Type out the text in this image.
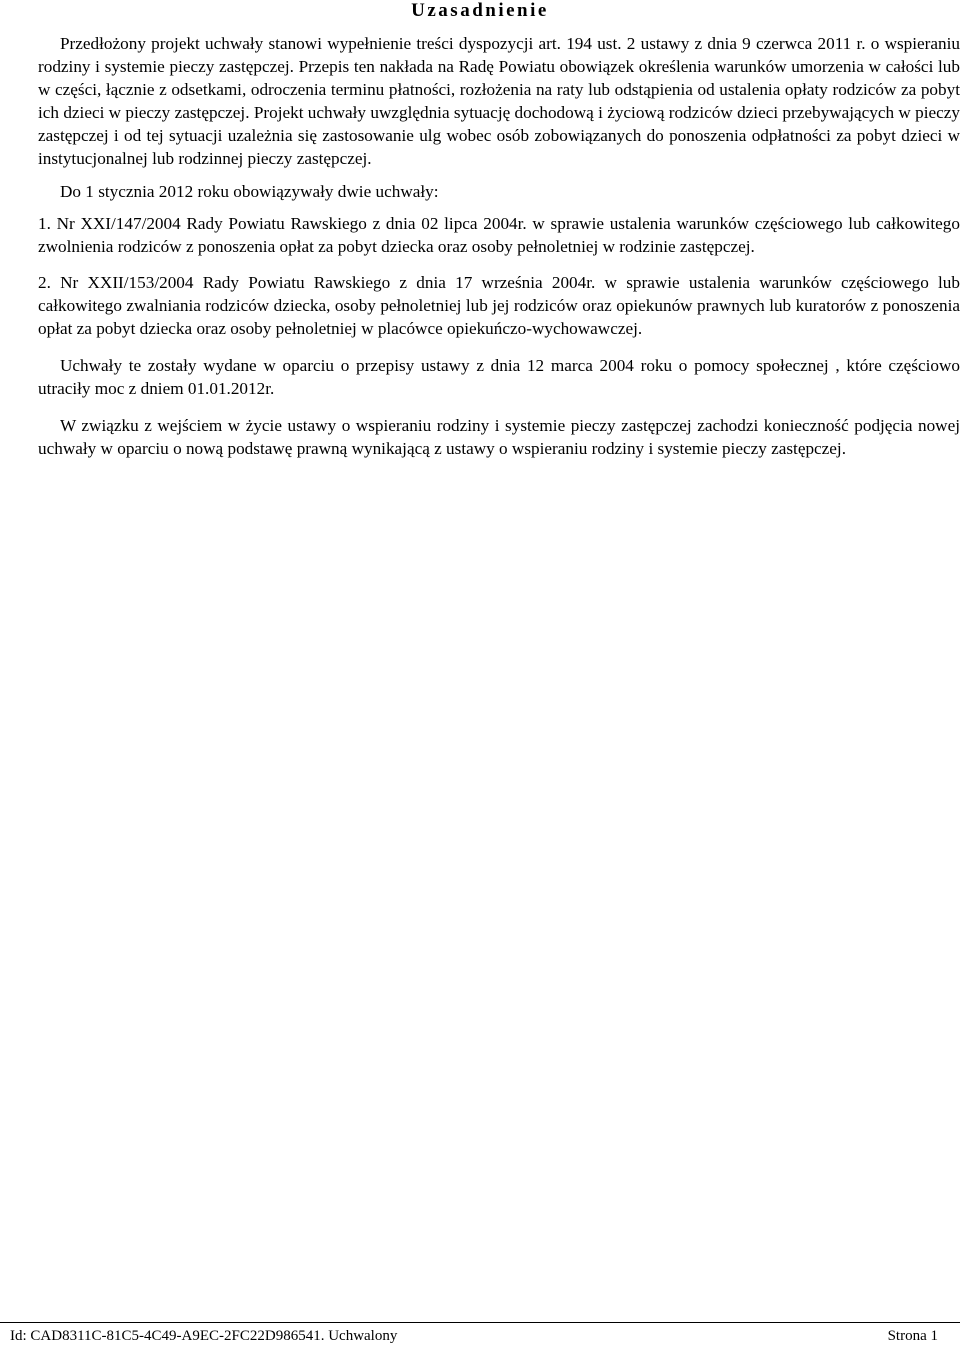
Uzasadnienie

Przedłożony projekt uchwały stanowi wypełnienie treści dyspozycji art. 194 ust. 2 ustawy z dnia 9 czerwca 2011 r. o wspieraniu rodziny i systemie pieczy zastępczej. Przepis ten nakłada na Radę Powiatu obowiązek określenia warunków umorzenia w całości lub w części, łącznie z odsetkami, odroczenia terminu płatności, rozłożenia na raty lub odstąpienia od ustalenia opłaty rodziców za pobyt ich dzieci w pieczy zastępczej. Projekt uchwały uwzględnia sytuację dochodową i życiową rodziców dzieci przebywających w pieczy zastępczej i od tej sytuacji uzależnia się zastosowanie ulg wobec osób zobowiązanych do ponoszenia odpłatności za pobyt dzieci w instytucjonalnej lub rodzinnej pieczy zastępczej.

Do 1 stycznia 2012 roku obowiązywały dwie uchwały:

1. Nr XXI/147/2004 Rady Powiatu Rawskiego z dnia 02 lipca 2004r. w sprawie ustalenia warunków częściowego lub całkowitego zwolnienia rodziców z ponoszenia opłat za pobyt dziecka oraz osoby pełnoletniej w rodzinie zastępczej.

2. Nr XXII/153/2004 Rady Powiatu Rawskiego z dnia 17 września 2004r. w sprawie ustalenia warunków częściowego lub całkowitego zwalniania rodziców dziecka, osoby pełnoletniej lub jej rodziców oraz opiekunów prawnych lub kuratorów z ponoszenia opłat za pobyt dziecka oraz osoby pełnoletniej w placówce opiekuńczo-wychowawczej.

Uchwały te zostały wydane w oparciu o przepisy ustawy z dnia 12 marca 2004 roku o pomocy społecznej , które częściowo utraciły moc z dniem 01.01.2012r.

W związku z wejściem w życie ustawy o wspieraniu rodziny i systemie pieczy zastępczej zachodzi konieczność podjęcia nowej uchwały w oparciu o nową podstawę prawną wynikającą z ustawy o wspieraniu rodziny i systemie pieczy zastępczej.

Id: CAD8311C-81C5-4C49-A9EC-2FC22D986541. Uchwalony	Strona 1
